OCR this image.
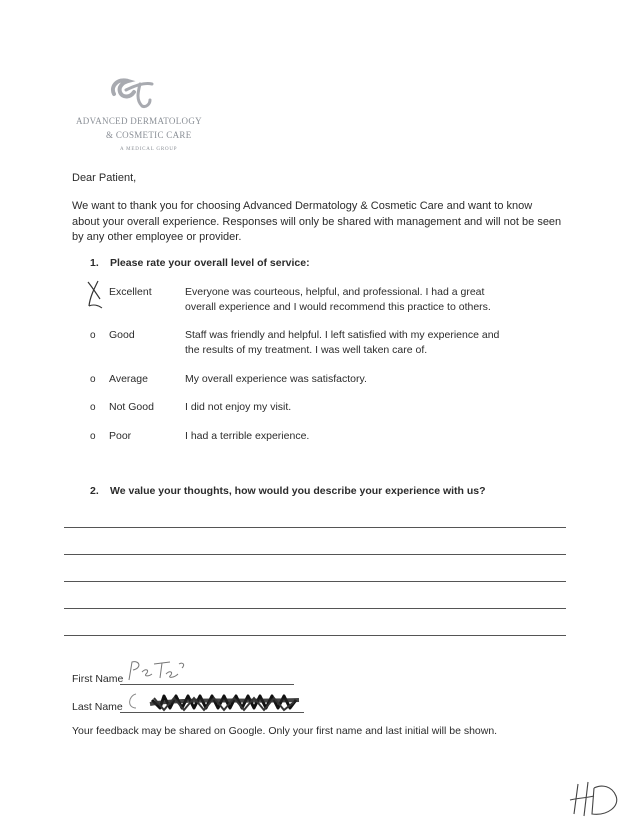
ADVANCED DERMATOLOGY
& COSMETIC CARE
A MEDICAL GROUP
Dear Patient,
We want to thank you for choosing Advanced Dermatology & Cosmetic Care and want to know about your overall experience. Responses will only be shared with management and will not be seen by any other employee or provider.
1. Please rate your overall level of service:
Excellent	Everyone was courteous, helpful, and professional. I had a great overall experience and I would recommend this practice to others.
o Good	Staff was friendly and helpful. I left satisfied with my experience and the results of my treatment. I was well taken care of.
o Average	My overall experience was satisfactory.
o Not Good	I did not enjoy my visit.
o Poor	I had a terrible experience.
2. We value your thoughts, how would you describe your experience with us?
First Name
Last Name
Your feedback may be shared on Google. Only your first name and last initial will be shown.
